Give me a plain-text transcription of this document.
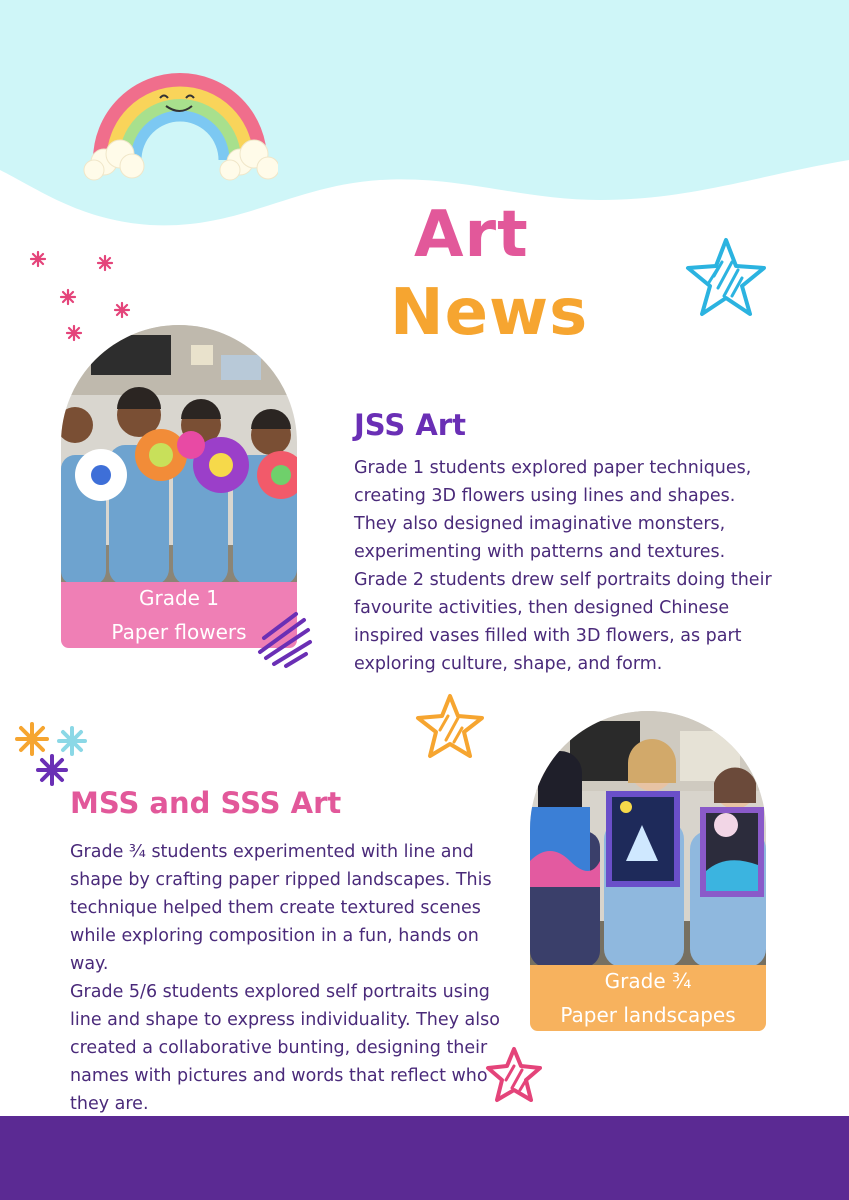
Art
News
Grade 1
Paper flowers
JSS Art

Grade 1 students explored paper techniques, creating 3D flowers using lines and shapes. They also designed imaginative monsters, experimenting with patterns and textures.

Grade 2 students drew self portraits doing their favourite activities, then designed Chinese inspired vases filled with 3D flowers, as part exploring culture, shape, and form.

MSS and SSS Art

Grade ¾ students experimented with line and shape by crafting paper ripped landscapes. This technique helped them create textured scenes while exploring composition in a fun, hands on way.

Grade 5/6 students explored self portraits using line and shape to express individuality. They also created a collaborative bunting, designing their names with pictures and words that reflect who they are.

Grade ¾
Paper landscapes
